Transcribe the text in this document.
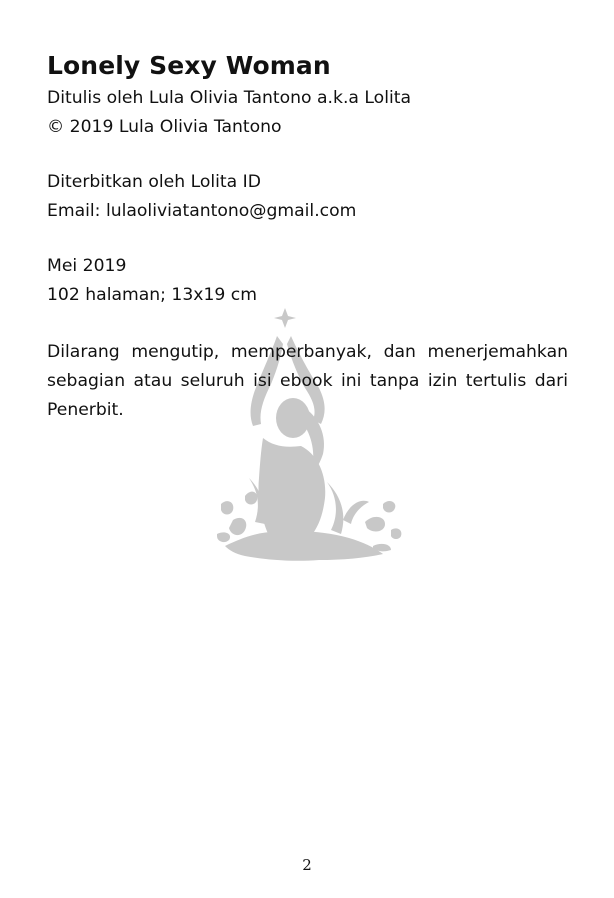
Lonely Sexy Woman

Ditulis oleh Lula Olivia Tantono a.k.a Lolita

© 2019 Lula Olivia Tantono

Diterbitkan oleh Lolita ID

Email: lulaoliviatantono@gmail.com

Mei 2019

102 halaman; 13x19 cm

Dilarang mengutip, memperbanyak, dan menerjemahkan sebagian atau seluruh isi ebook ini tanpa izin tertulis dari Penerbit.

2
